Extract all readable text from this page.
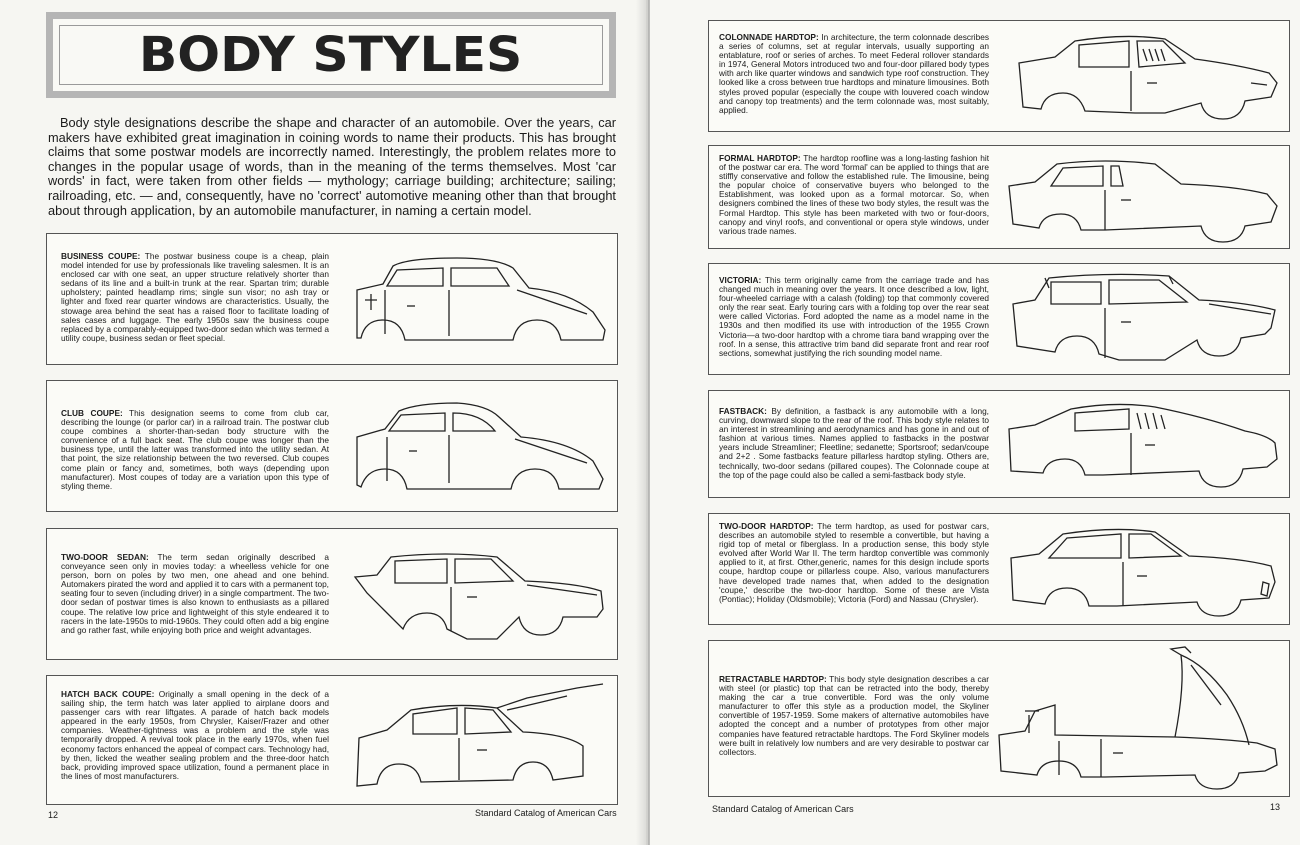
BODY STYLES

Body style designations describe the shape and character of an automobile. Over the years, car makers have exhibited great imagination in coining words to name their products. This has brought claims that some postwar models are incorrectly named. Interestingly, the problem relates more to changes in the popular usage of words, than in the meaning of the terms themselves. Most 'car words' in fact, were taken from other fields — mythology; carriage building; architecture; sailing; railroading, etc. — and, consequently, have no 'correct' automotive meaning other than that brought about through application, by an automobile manufacturer, in naming a certain model.

BUSINESS COUPE: The postwar business coupe is a cheap, plain model intended for use by professionals like traveling salesmen. It is an enclosed car with one seat, an upper structure relatively shorter than sedans of its line and a built-in trunk at the rear. Spartan trim; durable upholstery; painted headlamp rims; single sun visor; no ash tray or lighter and fixed rear quarter windows are characteristics. Usually, the stowage area behind the seat has a raised floor to facilitate loading of sales cases and luggage. The early 1950s saw the business coupe replaced by a comparably-equipped two-door sedan which was termed a utility coupe, business sedan or fleet special.

CLUB COUPE: This designation seems to come from club car, describing the lounge (or parlor car) in a railroad train. The postwar club coupe combines a shorter-than-sedan body structure with the convenience of a full back seat. The club coupe was longer than the business type, until the latter was transformed into the utility sedan. At that point, the size relationship between the two reversed. Club coupes come plain or fancy and, sometimes, both ways (depending upon manufacturer). Most coupes of today are a variation upon this type of styling theme.

TWO-DOOR SEDAN: The term sedan originally described a conveyance seen only in movies today: a wheelless vehicle for one person, born on poles by two men, one ahead and one behind. Automakers pirated the word and applied it to cars with a permanent top, seating four to seven (including driver) in a single compartment. The two-door sedan of postwar times is also known to enthusiasts as a pillared coupe. The relative low price and lightweight of this style endeared it to racers in the late-1950s to mid-1960s. They could often add a big engine and go rather fast, while enjoying both price and weight advantages.

HATCH BACK COUPE: Originally a small opening in the deck of a sailing ship, the term hatch was later applied to airplane doors and passenger cars with rear liftgates. A parade of hatch back models appeared in the early 1950s, from Chrysler, Kaiser/Frazer and other companies. Weather-tightness was a problem and the style was temporarily dropped. A revival took place in the early 1970s, when fuel economy factors enhanced the appeal of compact cars. Technology had, by then, licked the weather sealing problem and the three-door hatch back, providing improved space utilization, found a permanent place in the lines of most manufacturers.

12	Standard Catalog of American Cars

COLONNADE HARDTOP: In architecture, the term colonnade describes a series of columns, set at regular intervals, usually supporting an entablature, roof or series of arches. To meet Federal rollover standards in 1974, General Motors introduced two and four-door pillared body types with arch like quarter windows and sandwich type roof construction. They looked like a cross between true hardtops and minature limousines. Both styles proved popular (especially the coupe with louvered coach window and canopy top treatments) and the term colonnade was, most suitably, applied.

FORMAL HARDTOP: The hardtop roofline was a long-lasting fashion hit of the postwar car era. The word 'formal' can be applied to things that are stiffly conservative and follow the established rule. The limousine, being the popular choice of conservative buyers who belonged to the Establishment, was looked upon as a formal motorcar. So, when designers combined the lines of these two body styles, the result was the Formal Hardtop. This style has been marketed with two or four-doors, canopy and vinyl roofs, and conventional or opera style windows, under various trade names.

VICTORIA: This term originally came from the carriage trade and has changed much in meaning over the years. It once described a low, light, four-wheeled carriage with a calash (folding) top that commonly covered only the rear seat. Early touring cars with a folding top over the rear seat were called Victorias. Ford adopted the name as a model name in the 1930s and then modified its use with introduction of the 1955 Crown Victoria—a two-door hardtop with a chrome tiara band wrapping over the roof. In a sense, this attractive trim band did separate front and rear roof sections, somewhat justifying the rich sounding model name.

FASTBACK: By definition, a fastback is any automobile with a long, curving, downward slope to the rear of the roof. This body style relates to an interest in streamlining and aerodynamics and has gone in and out of fashion at various times. Names applied to fastbacks in the postwar years include Streamliner; Fleetline; sedanette; Sportsroof; sedan/coupe and 2+2 . Some fastbacks feature pillarless hardtop styling. Others are, technically, two-door sedans (pillared coupes). The Colonnade coupe at the top of the page could also be called a semi-fastback body style.

TWO-DOOR HARDTOP: The term hardtop, as used for postwar cars, describes an automobile styled to resemble a convertible, but having a rigid top of metal or fiberglass. In a production sense, this body style evolved after World War II. The term hardtop convertible was commonly applied to it, at first. Other,generic, names for this design include sports coupe, hardtop coupe or pillarless coupe. Also, various manufacturers have developed trade names that, when added to the designation 'coupe,' describe the two-door hardtop. Some of these are Vista (Pontiac); Holiday (Oldsmobile); Victoria (Ford) and Nassau (Chrysler).

RETRACTABLE HARDTOP: This body style designation describes a car with steel (or plastic) top that can be retracted into the body, thereby making the car a true convertible. Ford was the only volume manufacturer to offer this style as a production model, the Skyliner convertible of 1957-1959. Some makers of alternative automobiles have adopted the concept and a number of prototypes from other major companies have featured retractable hardtops. The Ford Skyliner models were built in relatively low numbers and are very desirable to postwar car collectors.

Standard Catalog of American Cars	13
